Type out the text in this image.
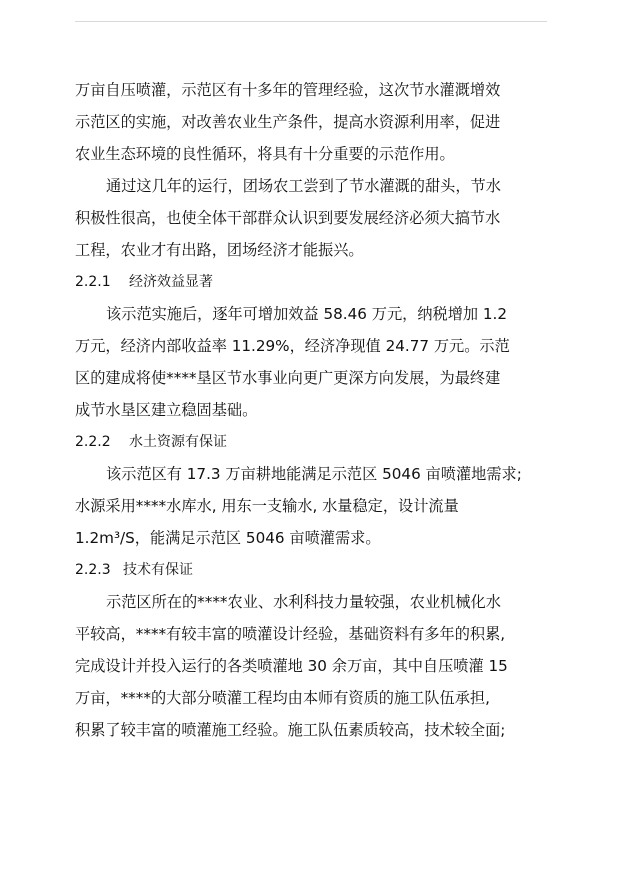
万亩自压喷灌，示范区有十多年的管理经验，这次节水灌溉增效
示范区的实施，对改善农业生产条件，提高水资源利用率，促进
农业生态环境的良性循环，将具有十分重要的示范作用。
通过这几年的运行，团场农工尝到了节水灌溉的甜头，节水
积极性很高，也使全体干部群众认识到要发展经济必须大搞节水
工程，农业才有出路，团场经济才能振兴。
2.2.1 经济效益显著
该示范实施后，逐年可增加效益 58.46 万元，纳税增加 1.2
万元，经济内部收益率 11.29%，经济净现值 24.77 万元。示范
区的建成将使****垦区节水事业向更广更深方向发展，为最终建
成节水垦区建立稳固基础。
2.2.2 水土资源有保证
该示范区有 17.3 万亩耕地能满足示范区 5046 亩喷灌地需求;
水源采用****水库水, 用东一支输水, 水量稳定，设计流量
1.2m³/S，能满足示范区 5046 亩喷灌需求。
2.2.3 技术有保证
示范区所在的****农业、水利科技力量较强，农业机械化水
平较高，****有较丰富的喷灌设计经验，基础资料有多年的积累,
完成设计并投入运行的各类喷灌地 30 余万亩，其中自压喷灌 15
万亩，****的大部分喷灌工程均由本师有资质的施工队伍承担,
积累了较丰富的喷灌施工经验。施工队伍素质较高，技术较全面;
